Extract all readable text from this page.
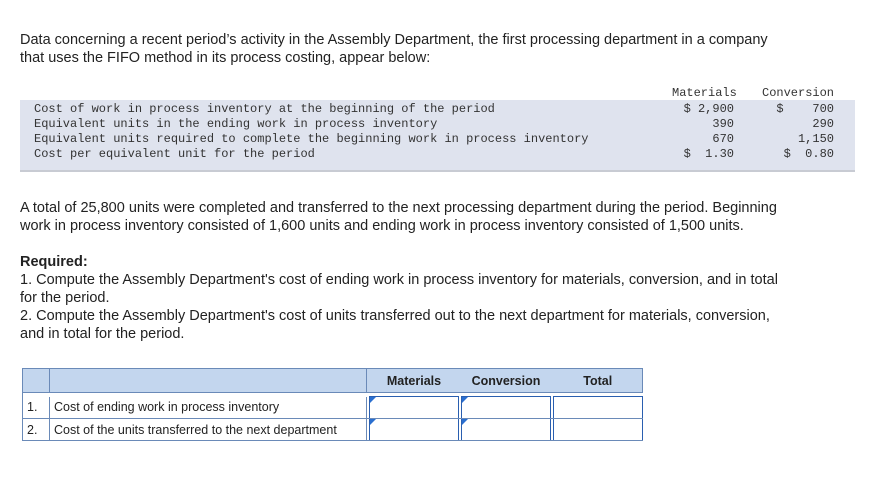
Data concerning a recent period’s activity in the Assembly Department, the first processing department in a company
that uses the FIFO method in its process costing, appear below:
Materials Conversion
Cost of work in process inventory at the beginning of the period	$ 2,900	$    700
Equivalent units in the ending work in process inventory	390	290
Equivalent units required to complete the beginning work in process inventory	670	1,150
Cost per equivalent unit for the period	$  1.30	$  0.80
A total of 25,800 units were completed and transferred to the next processing department during the period. Beginning
work in process inventory consisted of 1,600 units and ending work in process inventory consisted of 1,500 units.
Required:
1. Compute the Assembly Department's cost of ending work in process inventory for materials, conversion, and in total
for the period.
2. Compute the Assembly Department's cost of units transferred out to the next department for materials, conversion,
and in total for the period.
			Materials		Conversion		Total

1.	Cost of ending work in process inventory		

2.	Cost of the units transferred to the next department		
